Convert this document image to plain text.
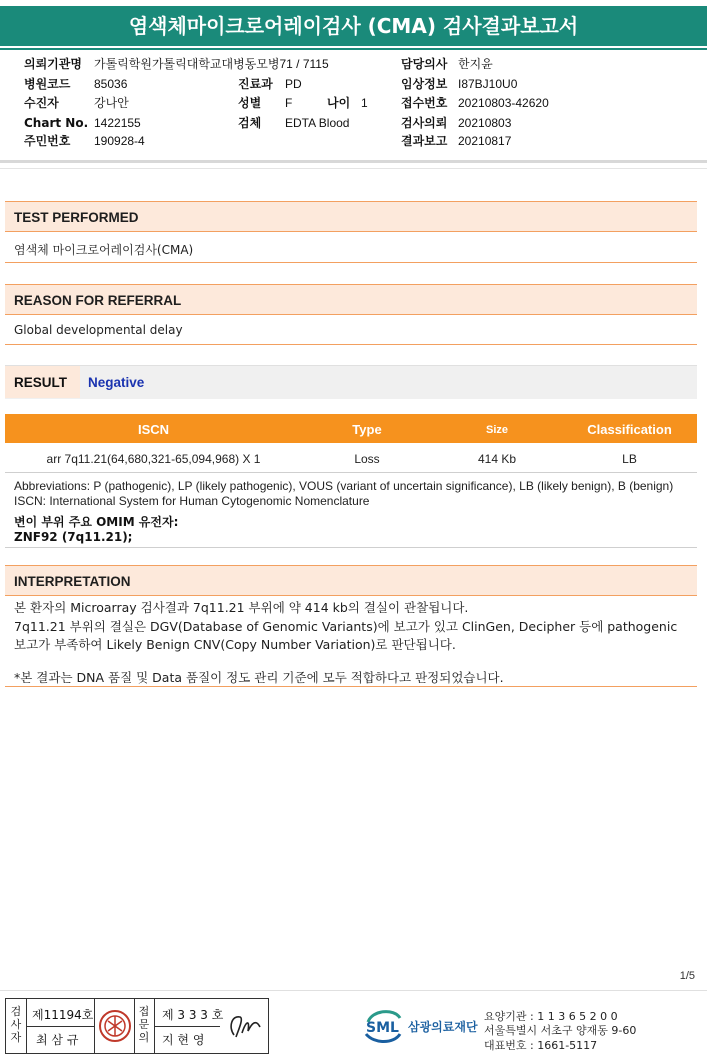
염색체마이크로어레이검사 (CMA) 검사결과보고서
의뢰기관명 가톨릭학원가톨릭대학교대병동모병71 / 7115
병원코드 85036
수진자	강나안
Chart No. 1422155
주민번호 190928-4
진료과 PD
성별 F	나이 1
검체 EDTA Blood
담당의사 한지윤
임상정보 I87BJ10U0
접수번호 20210803-42620
검사의뢰 20210803
결과보고 20210817
TEST PERFORMED
염색체 마이크로어레이검사(CMA)
REASON FOR REFERRAL
Global developmental delay
RESULT	Negative
ISCN	Type	Size	Classification
arr 7q11.21(64,680,321-65,094,968) X 1	Loss	414 Kb	LB
Abbreviations: P (pathogenic), LP (likely pathogenic), VOUS (variant of uncertain significance), LB (likely benign), B (benign)
ISCN: International System for Human Cytogenomic Nomenclature
변이 부위 주요 OMIM 유전자:
ZNF92 (7q11.21);
INTERPRETATION
본 환자의 Microarray 검사결과 7q11.21 부위에 약 414 kb의 결실이 관찰됩니다.
7q11.21 부위의 결실은 DGV(Database of Genomic Variants)에 보고가 있고 ClinGen, Decipher 등에 pathogenic
보고가 부족하여 Likely Benign CNV(Copy Number Variation)로 판단됩니다.
*본 결과는 DNA 품질 및 Data 품질이 정도 관리 기준에 모두 적합하다고 판정되었습니다.
1/5
검
사
자
제11194호
최 삼 규
접
문
의
제 3 3 3 호
지 현 영
SML 삼광의료재단
요양기관 : 1 1 3 6 5 2 0 0
서울특별시 서초구 양재동 9-60
대표번호 : 1661-5117
